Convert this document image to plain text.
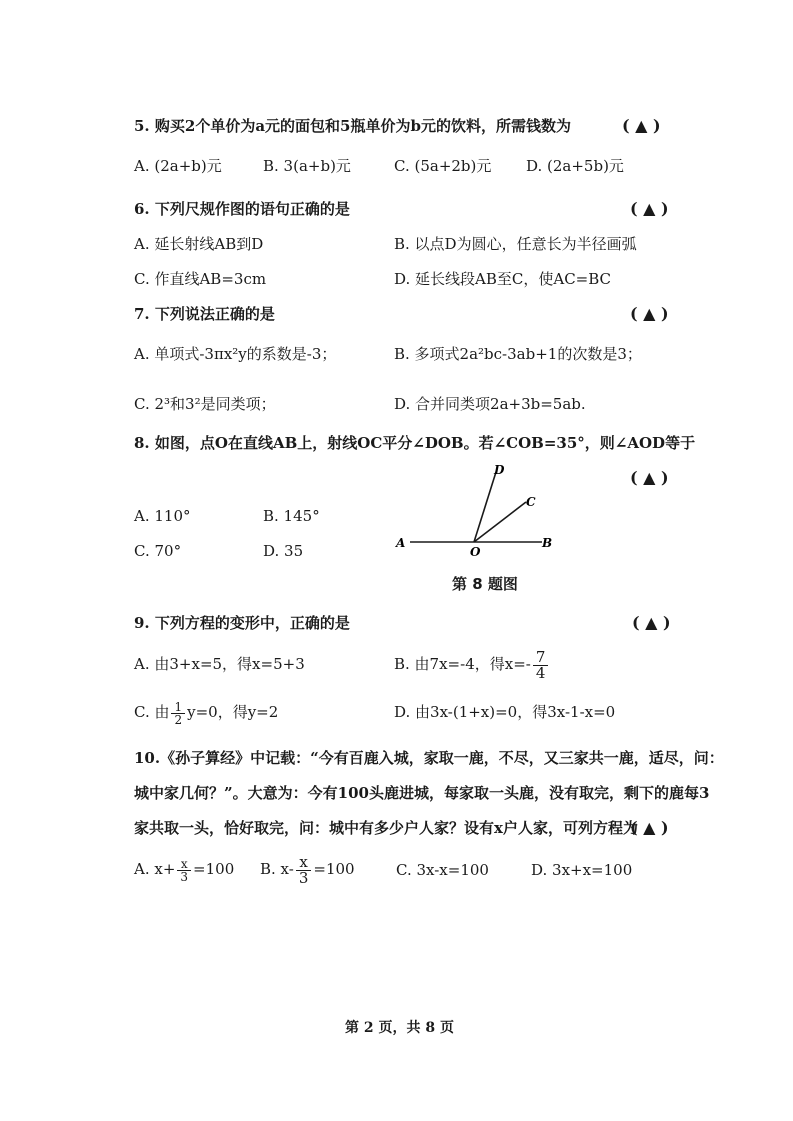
5. 购买2个单价为a元的面包和5瓶单价为b元的饮料，所需钱数为	( ▲ )
A. (2a+b)元	B. 3(a+b)元	C. (5a+2b)元 D. (2a+5b)元
6. 下列尺规作图的语句正确的是	( ▲ )
A. 延长射线AB到D	B. 以点D为圆心，任意长为半径画弧
C. 作直线AB=3cm	D. 延长线段AB至C，使AC=BC
7. 下列说法正确的是	( ▲ )
A. 单项式-3πx²y的系数是-3；	B. 多项式2a²bc-3ab+1的次数是3；
C. 2³和3²是同类项；	D. 合并同类项2a+3b=5ab.
8. 如图，点O在直线AB上，射线OC平分∠DOB。若∠COB=35°，则∠AOD等于
( ▲ )
A. 110°	B. 145°
C. 70°	D. 35	A
O
B
C
D
第 8 题图
9. 下列方程的变形中，正确的是	( ▲ )
A. 由3+x=5，得x=5+3	B. 由7x=-4，得$x=- \frac{7}{4}$
C. 由 $\frac{1}{2} y=0$，得y=2	D. 由3x-(1+x)=0，得3x-1-x=0
10.《孙子算经》中记载：“今有百鹿入城，家取一鹿，不尽，又三家共一鹿，适尽，问：
城中家几何？”。大意为：今有100头鹿进城，每家取一头鹿，没有取完，剩下的鹿每3
家共取一头，恰好取完，问：城中有多少户人家？设有x户人家，可列方程为
( ▲ )
A. $x+ \frac{x}{3} =100$ B. $x- \frac{x}{3} =100$	C. 3x-x=100	D. 3x+x=100
第 2 页，共 8 页
